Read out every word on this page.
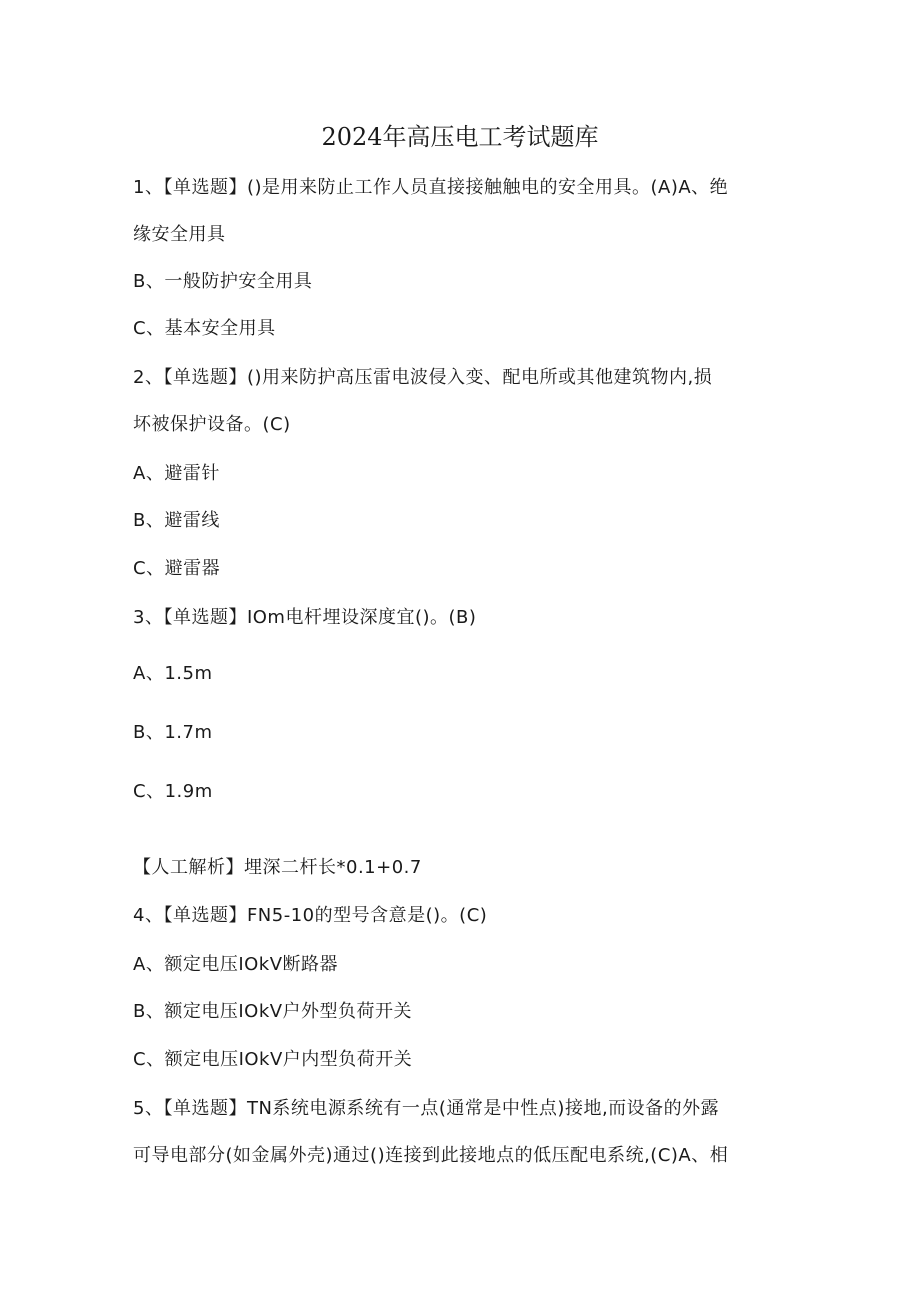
2024年高压电工考试题库
1、【单选题】()是用来防止工作人员直接接触触电的安全用具。(A)A、绝
缘安全用具
B、一般防护安全用具
C、基本安全用具
2、【单选题】()用来防护高压雷电波侵入变、配电所或其他建筑物内,损
坏被保护设备。(C)
A、避雷针
B、避雷线
C、避雷器
3、【单选题】IOm电杆埋设深度宜()。(B)
A、1.5m
B、1.7m
C、1.9m
【人工解析】埋深二杆长*0.1+0.7
4、【单选题】FN5-10的型号含意是()。(C)
A、额定电压IOkV断路器
B、额定电压IOkV户外型负荷开关
C、额定电压IOkV户内型负荷开关
5、【单选题】TN系统电源系统有一点(通常是中性点)接地,而设备的外露
可导电部分(如金属外壳)通过()连接到此接地点的低压配电系统,(C)A、相
